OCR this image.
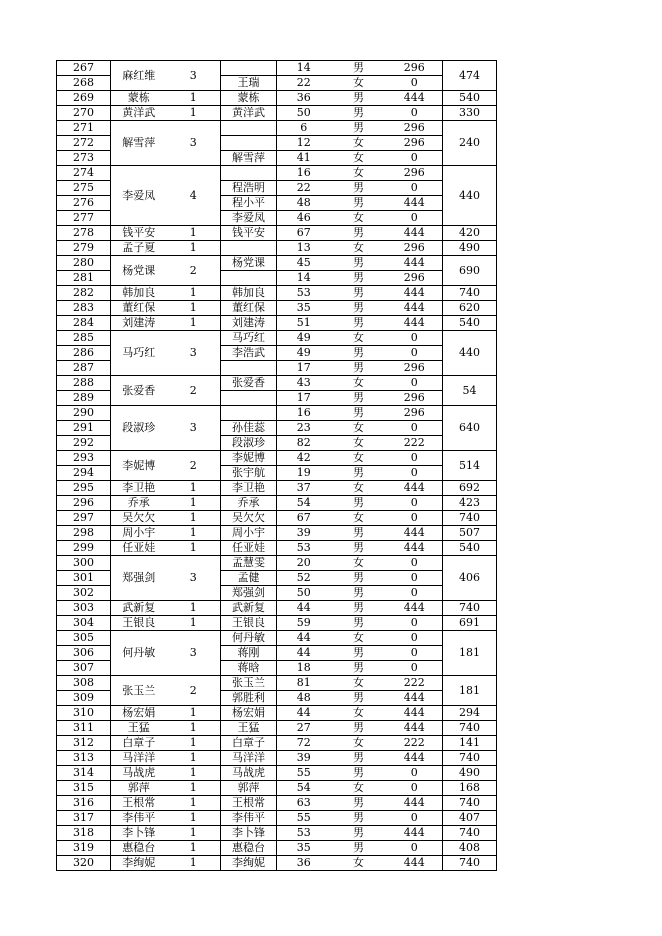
267	麻红维	3		14	男	296	474
268			王瑞	22	女	0	
269	蒙栋	1	蒙栋	36	男	444	540
270	黄洋武	1	黄洋武	50	男	0	330
271	解雪萍	3		6	男	296	240
272				12	女	296	
273			解雪萍	41	女	0	
274	李爱凤	4		16	女	296	440
275			程浩明	22	男	0	
276			程小平	48	男	444	
277			李爱凤	46	女	0	
278	钱平安	1	钱平安	67	男	444	420
279	孟子夏	1		13	女	296	490
280	杨党课	2	杨党课	45	男	444	690
281				14	男	296	
282	韩加良	1	韩加良	53	男	444	740
283	董红保	1	董红保	35	男	444	620
284	刘建涛	1	刘建涛	51	男	444	540
285	马巧红	3	马巧红	49	女	0	440
286			李浩武	49	男	0	
287				17	男	296	
288	张爱香	2	张爱香	43	女	0	54
289				17	男	296	
290	段淑珍	3		16	男	296	640
291			孙佳蕊	23	女	0	
292			段淑珍	82	女	222	
293	李妮博	2	李妮博	42	女	0	514
294			张宇航	19	男	0	
295	李卫艳	1	李卫艳	37	女	444	692
296	乔承	1	乔承	54	男	0	423
297	吴欠欠	1	吴欠欠	67	女	0	740
298	周小宇	1	周小宇	39	男	444	507
299	任亚娃	1	任亚娃	53	男	444	540
300	郑强剑	3	孟慧雯	20	女	0	406
301			孟健	52	男	0	
302			郑强剑	50	男	0	
303	武新复	1	武新复	44	男	444	740
304	王银良	1	王银良	59	男	0	691
305	何丹敏	3	何丹敏	44	女	0	181
306			蒋刚	44	男	0	
307			蒋晗	18	男	0	
308	张玉兰	2	张玉兰	81	女	222	181
309			郭胜利	48	男	444	
310	杨宏娟	1	杨宏娟	44	女	444	294
311	王猛	1	王猛	27	男	444	740
312	白章子	1	白章子	72	女	222	141
313	马洋洋	1	马洋洋	39	男	444	740
314	马战虎	1	马战虎	55	男	0	490
315	郭萍	1	郭萍	54	女	0	168
316	王根常	1	王根常	63	男	444	740
317	李伟平	1	李伟平	55	男	0	407
318	李卜锋	1	李卜锋	53	男	444	740
319	惠稳台	1	惠稳台	35	男	0	408
320	李绚妮	1	李绚妮	36	女	444	740
